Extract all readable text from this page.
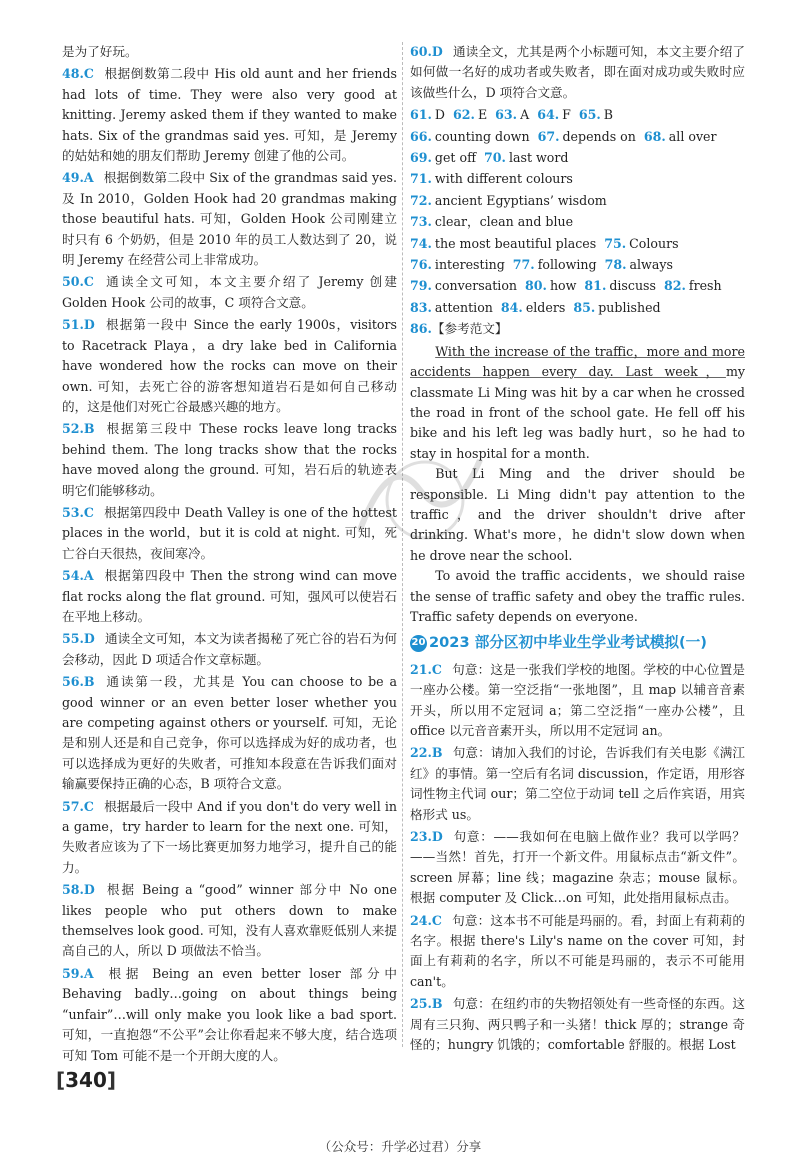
是为了好玩。
48.C 根据倒数第二段中 His old aunt and her friends had lots of time. They were also very good at knitting. Jeremy asked them if they wanted to make hats. Six of the grandmas said yes. 可知，是 Jeremy 的姑姑和她的朋友们帮助 Jeremy 创建了他的公司。
49.A 根据倒数第二段中 Six of the grandmas said yes. 及 In 2010，Golden Hook had 20 grandmas making those beautiful hats. 可知，Golden Hook 公司刚建立时只有 6 个奶奶，但是 2010 年的员工人数达到了 20，说明 Jeremy 在经营公司上非常成功。
50.C 通读全文可知，本文主要介绍了 Jeremy 创建 Golden Hook 公司的故事，C 项符合文意。
51.D 根据第一段中 Since the early 1900s，visitors to Racetrack Playa，a dry lake bed in California have wondered how the rocks can move on their own. 可知，去死亡谷的游客想知道岩石是如何自己移动的，这是他们对死亡谷最感兴趣的地方。
52.B 根据第三段中 These rocks leave long tracks behind them. The long tracks show that the rocks have moved along the ground. 可知，岩石后的轨迹表明它们能够移动。
53.C 根据第四段中 Death Valley is one of the hottest places in the world，but it is cold at night. 可知，死亡谷白天很热，夜间寒冷。
54.A 根据第四段中 Then the strong wind can move flat rocks along the flat ground. 可知，强风可以使岩石在平地上移动。
55.D 通读全文可知，本文为读者揭秘了死亡谷的岩石为何会移动，因此 D 项适合作文章标题。
56.B 通读第一段，尤其是 You can choose to be a good winner or an even better loser whether you are competing against others or yourself. 可知，无论是和别人还是和自己竞争，你可以选择成为好的成功者，也可以选择成为更好的失败者，可推知本段意在告诉我们面对输赢要保持正确的心态，B 项符合文意。
57.C 根据最后一段中 And if you don't do very well in a game，try harder to learn for the next one. 可知，失败者应该为了下一场比赛更加努力地学习，提升自己的能力。
58.D 根据 Being a “good” winner 部分中 No one likes people who put others down to make themselves look good. 可知，没有人喜欢靠贬低别人来提高自己的人，所以 D 项做法不恰当。
59.A 根据 Being an even better loser 部分中 Behaving badly…going on about things being “unfair”…will only make you look like a bad sport. 可知，一直抱怨“不公平”会让你看起来不够大度，结合选项可知 Tom 可能不是一个开朗大度的人。
60.D 通读全文，尤其是两个小标题可知，本文主要介绍了如何做一名好的成功者或失败者，即在面对成功或失败时应该做些什么，D 项符合文意。
61. D 62. E 63. A 64. F 65. B
66. counting down 67. depends on 68. all over
69. get off 70. last word
71. with different colours
72. ancient Egyptians’ wisdom
73. clear，clean and blue
74. the most beautiful places 75. Colours
76. interesting 77. following 78. always
79. conversation 80. how 81. discuss 82. fresh
83. attention 84. elders 85. published
86.【参考范文】

With the increase of the traffic，more and more accidents happen every day. Last week，my classmate Li Ming was hit by a car when he crossed the road in front of the school gate. He fell off his bike and his left leg was badly hurt，so he had to stay in hospital for a month.

But Li Ming and the driver should be responsible. Li Ming didn't pay attention to the traffic，and the driver shouldn't drive after drinking. What's more，he didn't slow down when he drove near the school.

To avoid the traffic accidents，we should raise the sense of traffic safety and obey the traffic rules. Traffic safety depends on everyone.

20 2023 部分区初中毕业生学业考试模拟(一)
21.C 句意：这是一张我们学校的地图。学校的中心位置是一座办公楼。第一空泛指“一张地图”，且 map 以辅音音素开头，所以用不定冠词 a；第二空泛指“一座办公楼”，且 office 以元音音素开头，所以用不定冠词 an。
22.B 句意：请加入我们的讨论，告诉我们有关电影《满江红》的事情。第一空后有名词 discussion，作定语，用形容词性物主代词 our；第二空位于动词 tell 之后作宾语，用宾格形式 us。
23.D 句意：——我如何在电脑上做作业？我可以学吗？——当然！首先，打开一个新文件。用鼠标点击“新文件”。screen 屏幕；line 线；magazine 杂志；mouse 鼠标。根据 computer 及 Click…on 可知，此处指用鼠标点击。
24.C 句意：这本书不可能是玛丽的。看，封面上有莉莉的名字。根据 there's Lily's name on the cover 可知，封面上有莉莉的名字，所以不可能是玛丽的，表示不可能用 can't。
25.B 句意：在纽约市的失物招领处有一些奇怪的东西。这周有三只狗、两只鸭子和一头猪！thick 厚的；strange 奇怪的；hungry 饥饿的；comfortable 舒服的。根据 Lost
[340]
（公众号：升学必过君）分享
